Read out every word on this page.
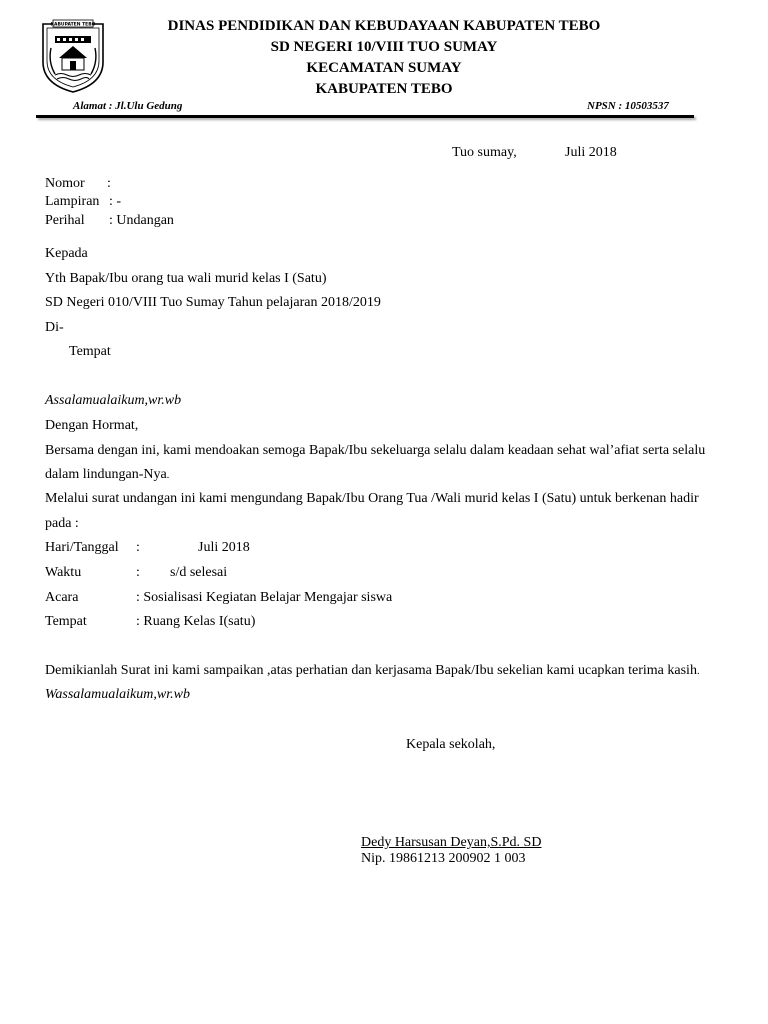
KABUPATEN TEBO	DINAS PENDIDIKAN DAN KEBUDAYAAN KABUPATEN TEBO
SD NEGERI 10/VIII TUO SUMAY
KECAMATAN SUMAY
KABUPATEN TEBO
Alamat : Jl.Ulu Gedung	NPSN : 10503537
Tuo sumay,	Juli 2018
Nomor :
Lampiran : -
Perihal : Undangan
Kepada
Yth Bapak/Ibu orang tua wali murid kelas I (Satu)
SD Negeri 010/VIII Tuo Sumay Tahun pelajaran 2018/2019
Di-
Tempat
Assalamualaikum,wr.wb
Dengan Hormat,
Bersama dengan ini, kami mendoakan semoga Bapak/Ibu sekeluarga selalu dalam keadaan sehat wal’afiat serta selalu
dalam lindungan-Nya.
Melalui surat undangan ini kami mengundang Bapak/Ibu Orang Tua /Wali murid kelas I (Satu) untuk berkenan hadir
pada :
Hari/Tanggal :	Juli 2018
Waktu	: s/d selesai
Acara	: Sosialisasi Kegiatan Belajar Mengajar siswa
Tempat	: Ruang Kelas I(satu)
Demikianlah Surat ini kami sampaikan ,atas perhatian dan kerjasama Bapak/Ibu sekelian kami ucapkan terima kasih.
Wassalamualaikum,wr.wb
Kepala sekolah,
Dedy Harsusan Deyan,S.Pd. SD
Nip. 19861213 200902 1 003
